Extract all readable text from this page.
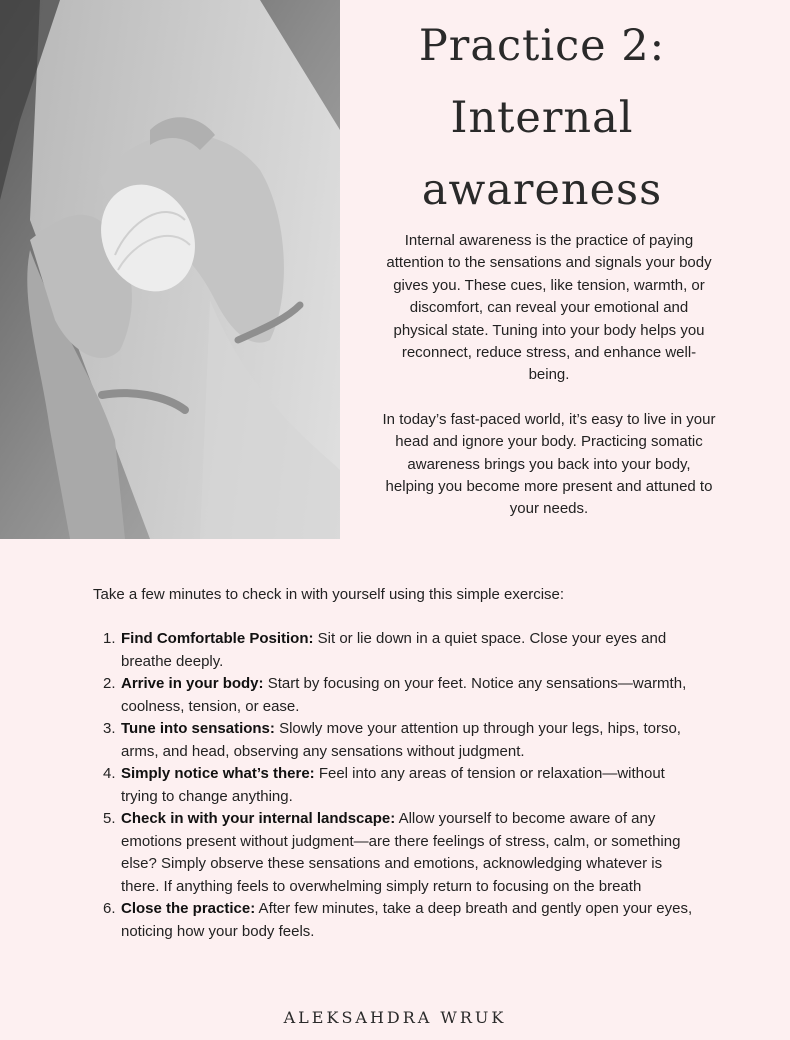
Practice 2:
Internal
awareness

Internal awareness is the practice of paying attention to the sensations and signals your body gives you. These cues, like tension, warmth, or discomfort, can reveal your emotional and physical state. Tuning into your body helps you reconnect, reduce stress, and enhance well-being.

In today’s fast-paced world, it’s easy to live in your head and ignore your body. Practicing somatic awareness brings you back into your body, helping you become more present and attuned to your needs.

Take a few minutes to check in with yourself using this simple exercise:

1. Find Comfortable Position: Sit or lie down in a quiet space. Close your eyes and breathe deeply.
2. Arrive in your body: Start by focusing on your feet. Notice any sensations—warmth, coolness, tension, or ease.
3. Tune into sensations: Slowly move your attention up through your legs, hips, torso, arms, and head, observing any sensations without judgment.
4. Simply notice what’s there: Feel into any areas of tension or relaxation—without trying to change anything.
5. Check in with your internal landscape: Allow yourself to become aware of any emotions present without judgment—are there feelings of stress, calm, or something else? Simply observe these sensations and emotions, acknowledging whatever is there. If anything feels to overwhelming simply return to focusing on the breath
6. Close the practice: After few minutes, take a deep breath and gently open your eyes, noticing how your body feels.
ALEKSAHDRA WRUK
